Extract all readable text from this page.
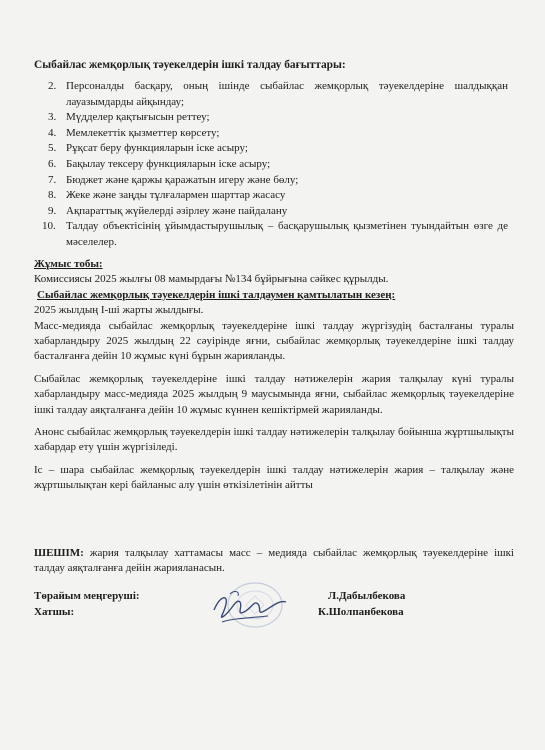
Сыбайлас жемқорлық тәуекелдерін ішкі талдау бағыттары:
2. Персоналды басқару, оның ішінде сыбайлас жемқорлық тәуекелдеріне шалдыққан лауазымдарды айқындау;
3. Мүдделер қақтығысын реттеу;
4. Мемлекеттік қызметтер көрсету;
5. Рұқсат беру функцияларын іске асыру;
6. Бақылау тексеру функцияларын іске асыру;
7. Бюджет және қаржы қаражатын игеру және бөлу;
8. Жеке және заңды тұлғалармен шарттар жасасу
9. Ақпараттық жүйелерді әзірлеу және пайдалану
10. Талдау объектісінің ұйымдастырушылық – басқарушылық қызметінен туындайтын өзге де мәселелер.

Жұмыс тобы:

Комиссиясы 2025 жылғы 08 мамырдағы №134 бұйрығына сәйкес құрылды.

Сыбайлас жемқорлық тәуекелдерін ішкі талдаумен қамтылатын кезең:

2025 жылдың І-ші жарты жылдығы.

Масс-медияда сыбайлас жемқорлық тәуекелдеріне ішкі талдау жүргізудің басталғаны туралы хабарландыру 2025 жылдың 22 сәуірінде яғни, сыбайлас жемқорлық тәуекелдеріне ішкі талдау басталғанға дейін 10 жұмыс күні бұрын жарияланды.

Сыбайлас жемқорлық тәуекелдеріне ішкі талдау нәтижелерін жария талқылау күні туралы хабарландыру масс-медияда 2025 жылдың 9 маусымында яғни, сыбайлас жемқорлық тәуекелдеріне ішкі талдау аяқталғанға дейін 10 жұмыс күннен кешіктірмей жарияланды.

Анонс сыбайлас жемқорлық тәуекелдерін ішкі талдау нәтижелерін талқылау бойынша жұртшылықты хабардар ету үшін жүргізіледі.

Іс – шара сыбайлас жемқорлық тәуекелдерін ішкі талдау нәтижелерін жария – талқылау және жұртшылықтан кері байланыс алу үшін өткізілетінін айтты

ШЕШІМ: жария талқылау хаттамасы масс – медияда сыбайлас жемқорлық тәуекелдеріне ішкі талдау аяқталғанға дейін жарияланасын.
Төрайым меңгеруші:	Л.Дабылбекова
Хатшы:	К.Шолпанбекова
